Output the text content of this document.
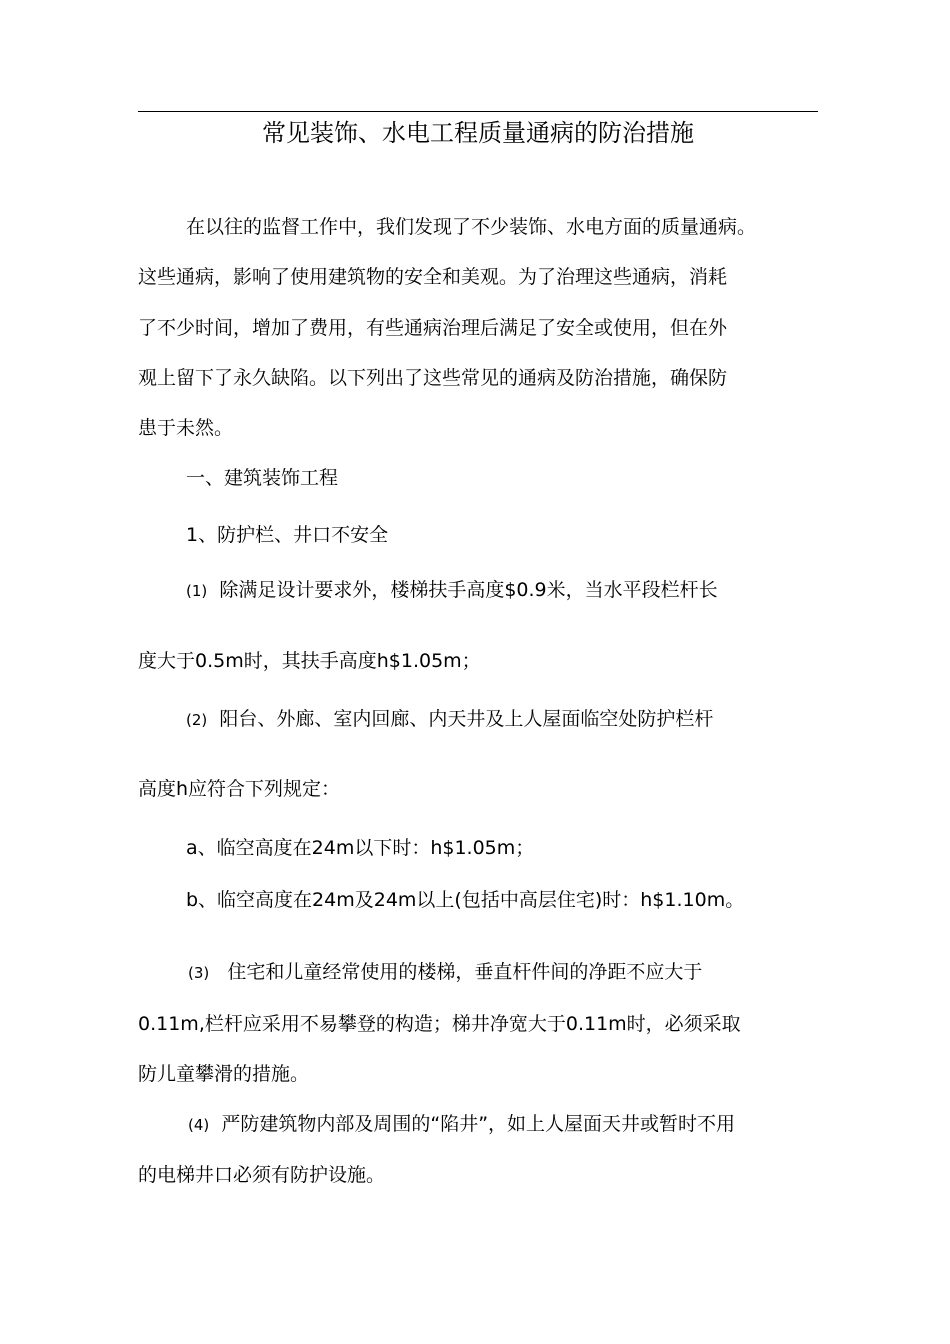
常见装饰、水电工程质量通病的防治措施
在以往的监督工作中，我们发现了不少装饰、水电方面的质量通病。
这些通病，影响了使用建筑物的安全和美观。为了治理这些通病，消耗
了不少时间，增加了费用，有些通病治理后满足了安全或使用，但在外
观上留下了永久缺陷。以下列出了这些常见的通病及防治措施，确保防
患于未然。
一、建筑装饰工程
1、防护栏、井口不安全
(1) 除满足设计要求外，楼梯扶手高度$0.9米，当水平段栏杆长
度大于0.5m时，其扶手高度h$1.05m；
(2) 阳台、外廊、室内回廊、内天井及上人屋面临空处防护栏杆
高度h应符合下列规定：
a、临空高度在24m以下时：h$1.05m；
b、临空高度在24m及24m以上(包括中高层住宅)时：h$1.10m。
(3) 住宅和儿童经常使用的楼梯，垂直杆件间的净距不应大于
0.11m,栏杆应采用不易攀登的构造；梯井净宽大于0.11m时，必须采取
防儿童攀滑的措施。
(4) 严防建筑物内部及周围的“陷井”，如上人屋面天井或暂时不用
的电梯井口必须有防护设施。
